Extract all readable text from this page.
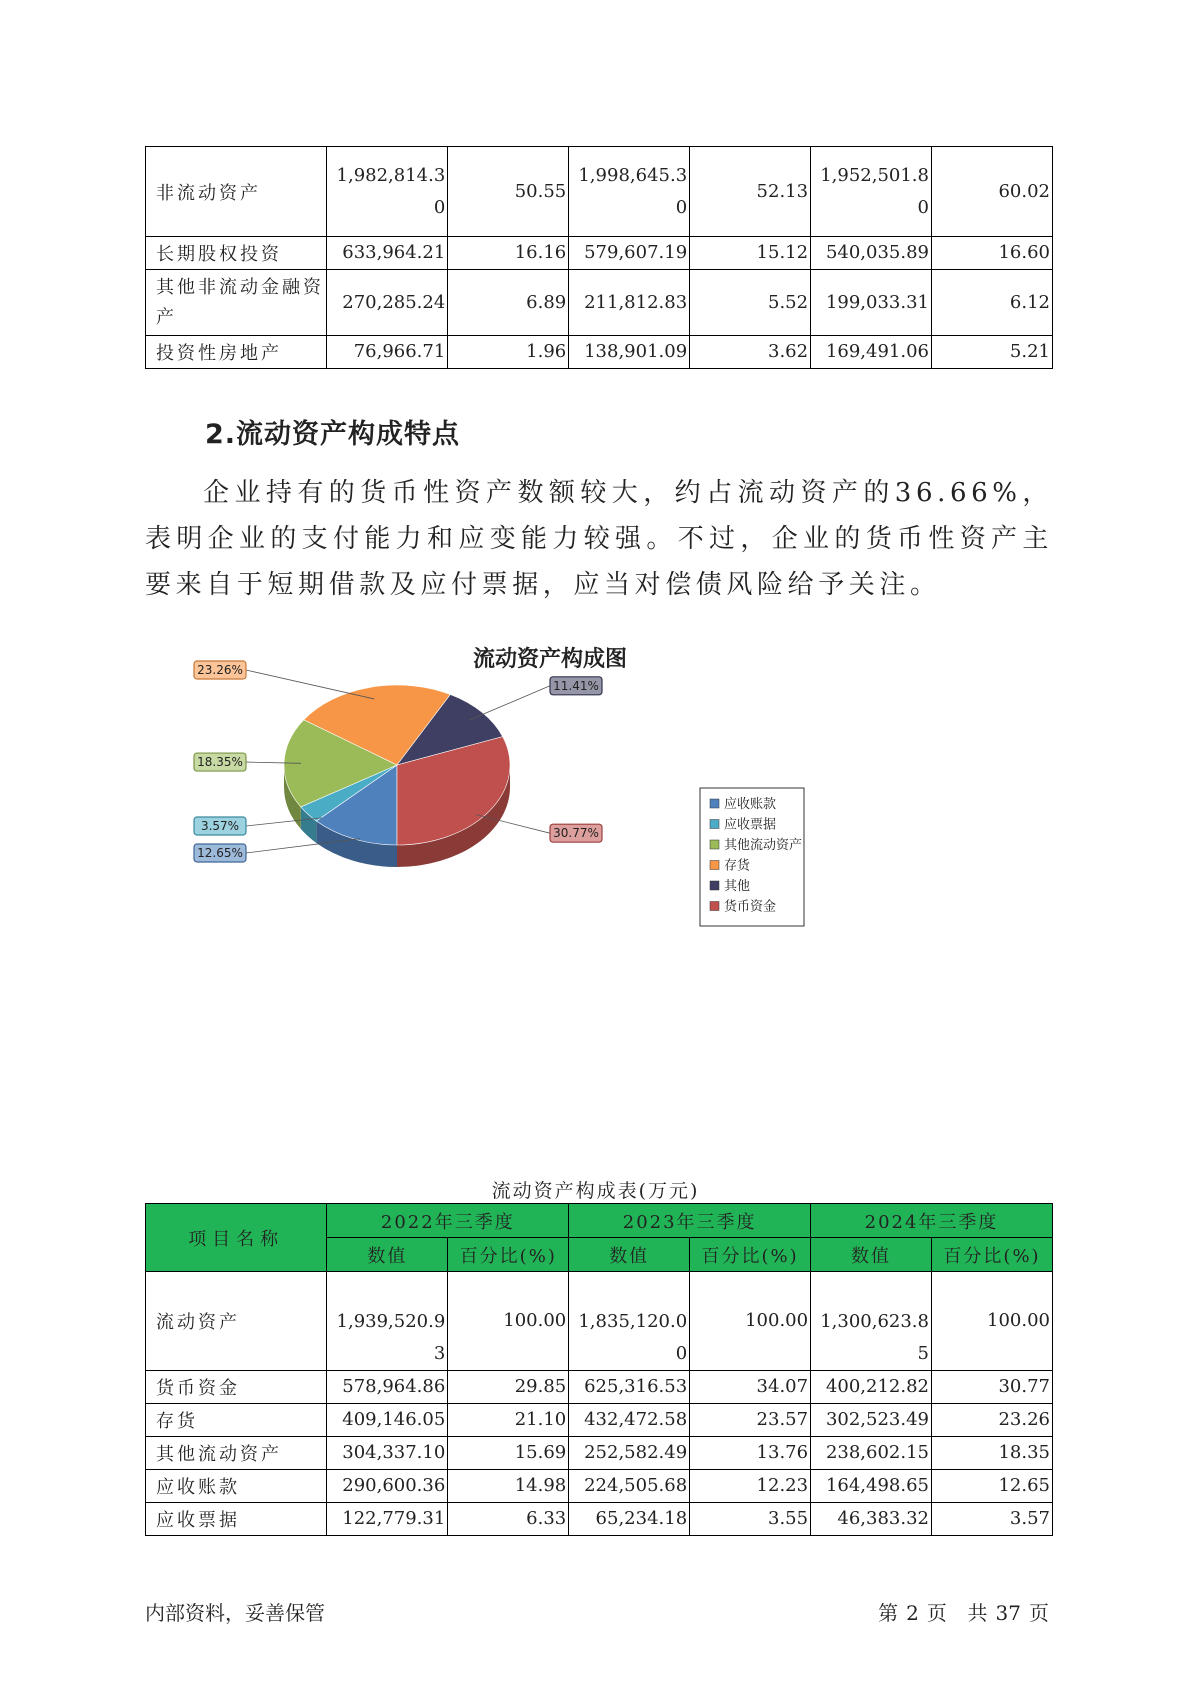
非流动资产	1,982,814.30	50.55	1,998,645.30	52.13	1,952,501.80	60.02
长期股权投资	633,964.21	16.16	579,607.19	15.12	540,035.89	16.60
其他非流动金融资产	270,285.24	6.89	211,812.83	5.52	199,033.31	6.12
投资性房地产	76,966.71	1.96	138,901.09	3.62	169,491.06	5.21
2.流动资产构成特点

企业持有的货币性资产数额较大，约占流动资产的36.66%，表明企业的支付能力和应变能力较强。不过，企业的货币性资产主要来自于短期借款及应付票据，应当对偿债风险给予关注。

流动资产构成图
12.65%
3.57%
18.35%
23.26%
11.41%
30.77%
应收账款
应收票据
其他流动资产
存货
其他
货币资金
流动资产构成表(万元)
项目名称	2022年三季度		2023年三季度		2024年三季度	
	数值	百分比(%)	数值	百分比(%)	数值	百分比(%)
流动资产	1,939,520.93	100.00	1,835,120.00	100.00	1,300,623.85	100.00
货币资金	578,964.86	29.85	625,316.53	34.07	400,212.82	30.77
存货	409,146.05	21.10	432,472.58	23.57	302,523.49	23.26
其他流动资产	304,337.10	15.69	252,582.49	13.76	238,602.15	18.35
应收账款	290,600.36	14.98	224,505.68	12.23	164,498.65	12.65
应收票据	122,779.31	6.33	65,234.18	3.55	46,383.32	3.57
内部资料，妥善保管	第 2 页 共 37 页
